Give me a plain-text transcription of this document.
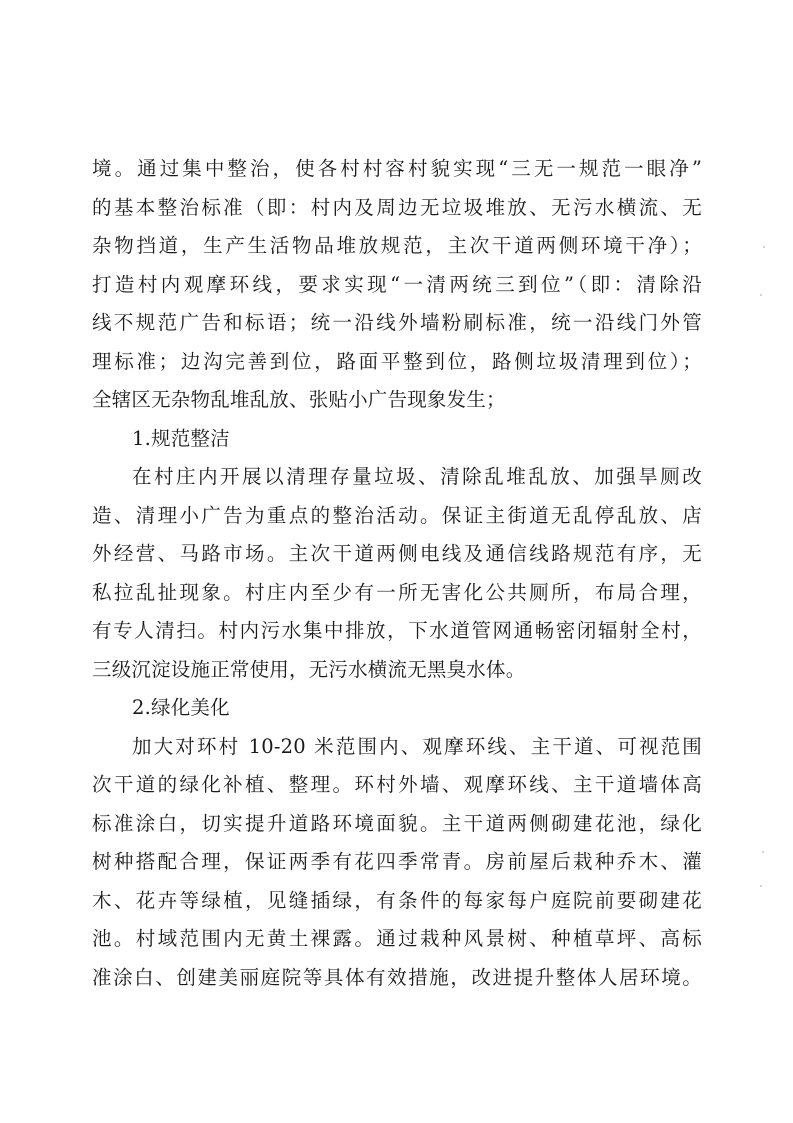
境。通过集中整治，使各村村容村貌实现“三无一规范一眼净”
的基本整治标准（即：村内及周边无垃圾堆放、无污水横流、无
杂物挡道，生产生活物品堆放规范，主次干道两侧环境干净）；
打造村内观摩环线，要求实现“一清两统三到位”（即：清除沿
线不规范广告和标语；统一沿线外墙粉刷标准，统一沿线门外管
理标准；边沟完善到位，路面平整到位，路侧垃圾清理到位）；
全辖区无杂物乱堆乱放、张贴小广告现象发生；
1.规范整洁
在村庄内开展以清理存量垃圾、清除乱堆乱放、加强旱厕改
造、清理小广告为重点的整治活动。保证主街道无乱停乱放、店
外经营、马路市场。主次干道两侧电线及通信线路规范有序，无
私拉乱扯现象。村庄内至少有一所无害化公共厕所，布局合理，
有专人清扫。村内污水集中排放，下水道管网通畅密闭辐射全村，
三级沉淀设施正常使用，无污水横流无黑臭水体。
2.绿化美化
加大对环村 10-20 米范围内、观摩环线、主干道、可视范围
次干道的绿化补植、整理。环村外墙、观摩环线、主干道墙体高
标准涂白，切实提升道路环境面貌。主干道两侧砌建花池，绿化
树种搭配合理，保证两季有花四季常青。房前屋后栽种乔木、灌
木、花卉等绿植，见缝插绿，有条件的每家每户庭院前要砌建花
池。村域范围内无黄土裸露。通过栽种风景树、种植草坪、高标
准涂白、创建美丽庭院等具体有效措施，改进提升整体人居环境。
